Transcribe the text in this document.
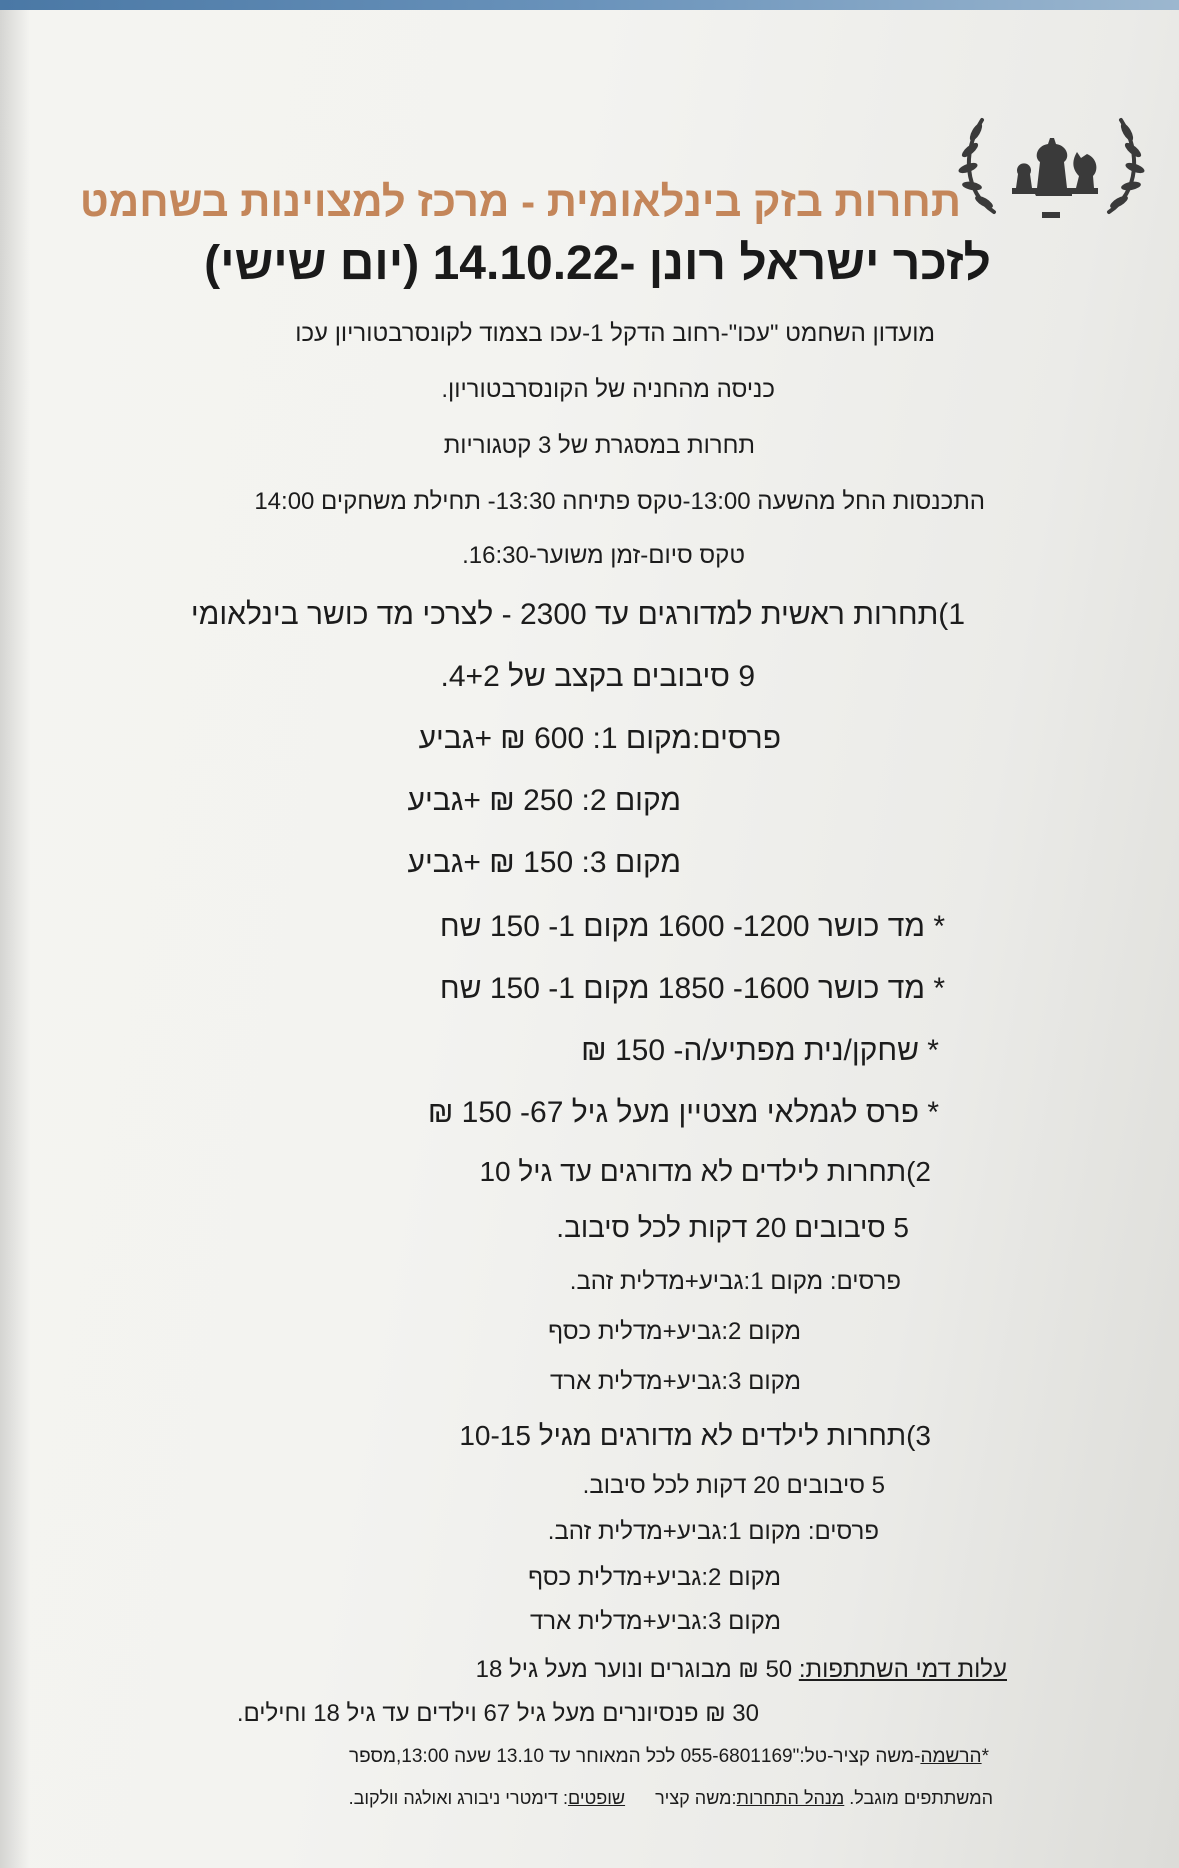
תחרות בזק בינלאומית - מרכז למצוינות בשחמט
לזכר ישראל רונן -14.10.22 (יום שישי)
מועדון השחמט "עכו"-רחוב הדקל 1-עכו בצמוד לקונסרבטוריון עכו
כניסה מהחניה של הקונסרבטוריון.
תחרות במסגרת של 3 קטגוריות
התכנסות החל מהשעה 13:00-טקס פתיחה 13:30- תחילת משחקים 14:00
טקס סיום-זמן משוער-16:30.
1)תחרות ראשית למדורגים עד 2300 - לצרכי מד כושר בינלאומי
9 סיבובים בקצב של 4+2.
פרסים:מקום 1: 600 ₪ +גביע
מקום 2: 250 ₪ +גביע
מקום 3: 150 ₪ +גביע
* מד כושר 1200- 1600 מקום 1- 150 שח
* מד כושר 1600- 1850 מקום 1- 150 שח
* שחקן/נית מפתיע/ה- 150 ₪
* פרס לגמלאי מצטיין מעל גיל 67- 150 ₪
2)תחרות לילדים לא מדורגים עד גיל 10
5 סיבובים 20 דקות לכל סיבוב.
פרסים: מקום 1:גביע+מדלית זהב.
מקום 2:גביע+מדלית כסף
מקום 3:גביע+מדלית ארד
3)תחרות לילדים לא מדורגים מגיל 10-15
5 סיבובים 20 דקות לכל סיבוב.
פרסים: מקום 1:גביע+מדלית זהב.
מקום 2:גביע+מדלית כסף
מקום 3:גביע+מדלית ארד
עלות דמי השתתפות: 50 ₪ מבוגרים ונוער מעל גיל 18
30 ₪ פנסיונרים מעל גיל 67 וילדים עד גיל 18 וחילים.
*הרשמה-משה קציר-טל:"055-6801169 לכל המאוחר עד 13.10 שעה 13:00,מספר
המשתתפים מוגבל. מנהל התחרות:משה קצירשופטים: דימטרי ניבורג ואולגה וולקוב.
